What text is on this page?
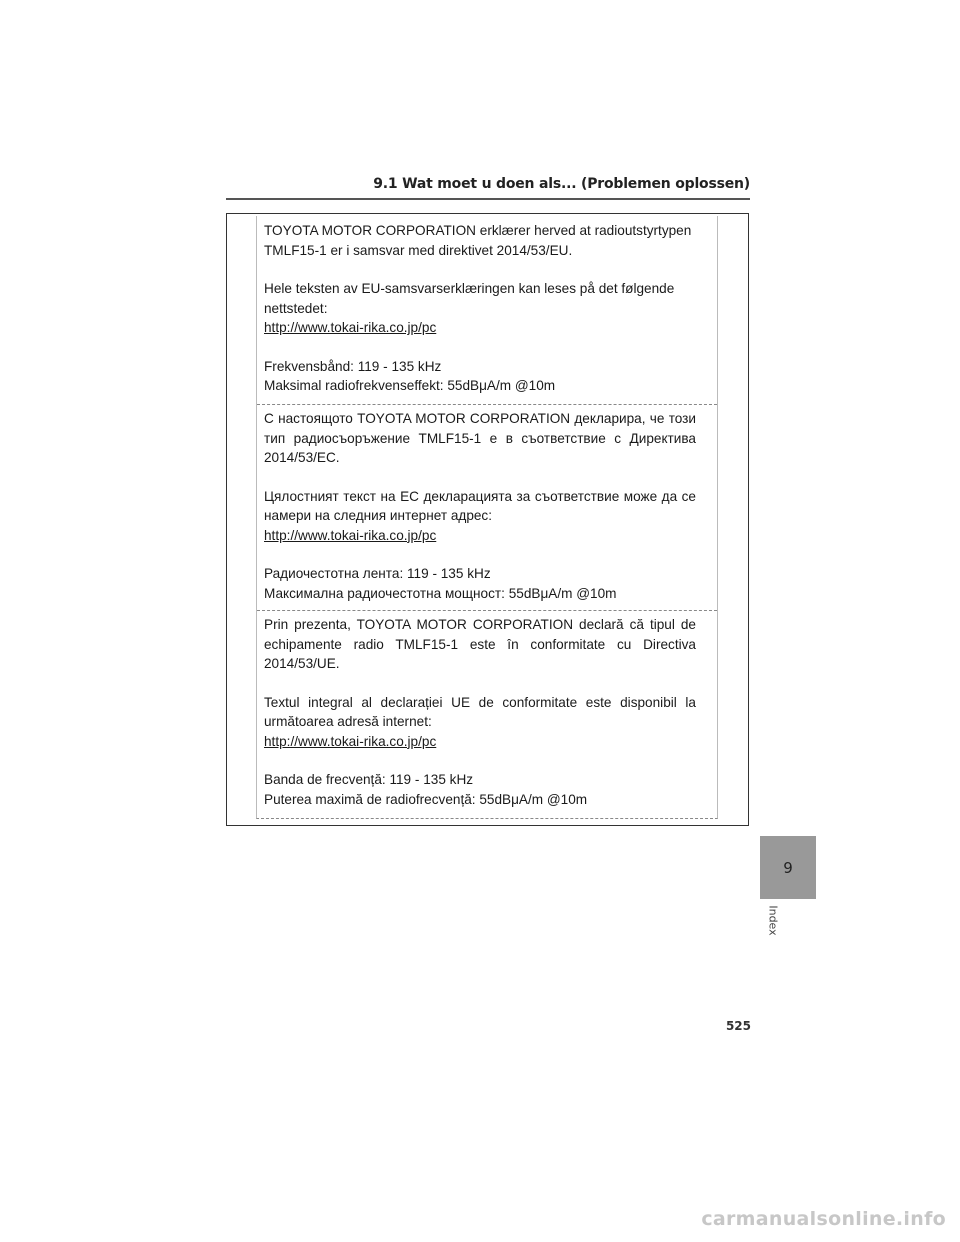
9.1 Wat moet u doen als... (Problemen oplossen)

TOYOTA MOTOR CORPORATION erklærer herved at radioutstyrtypen TMLF15-1 er i samsvar med direktivet 2014/53/EU.

Hele teksten av EU-samsvarserklæringen kan leses på det følgende nettstedet:

http://www.tokai-rika.co.jp/pc

Frekvensbånd: 119 - 135 kHz

Maksimal radiofrekvenseffekt: 55dBμA/m @10m

С настоящото TOYOTA MOTOR CORPORATION декларира, че този тип радиосъоръжение TMLF15-1 е в съответствие с Директива 2014/53/ЕС.

Цялостният текст на ЕС декларацията за съответствие може да се намери на следния интернет адрес:

http://www.tokai-rika.co.jp/pc

Радиочестотна лента: 119 - 135 kHz

Максимална радиочестотна мощност: 55dBμA/m @10m

Prin prezenta, TOYOTA MOTOR CORPORATION declară că tipul de echipamente radio TMLF15-1 este în conformitate cu Directiva 2014/53/UE.

Textul integral al declarației UE de conformitate este disponibil la următoarea adresă internet:

http://www.tokai-rika.co.jp/pc

Banda de frecvență: 119 - 135 kHz

Puterea maximă de radiofrecvență: 55dBμA/m @10m

9
Index
525
carmanualsonline.info
